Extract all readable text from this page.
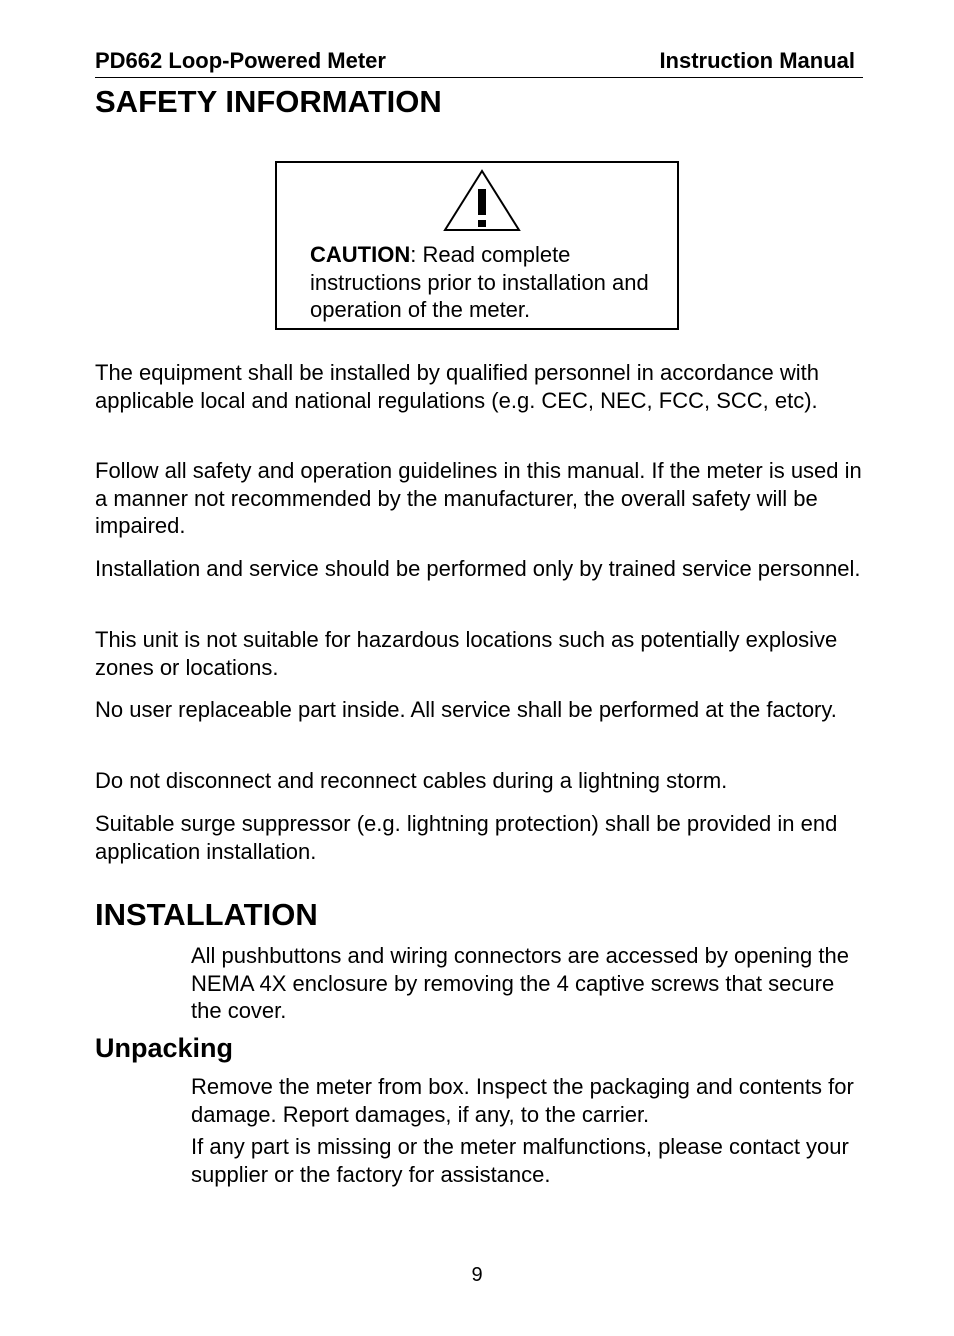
PD662 Loop-Powered Meter	Instruction Manual
SAFETY INFORMATION
CAUTION: Read complete instructions prior to installation and operation of the meter.

The equipment shall be installed by qualified personnel in accordance with applicable local and national regulations (e.g. CEC, NEC, FCC, SCC, etc).

Follow all safety and operation guidelines in this manual. If the meter is used in a manner not recommended by the manufacturer, the overall safety will be impaired.

Installation and service should be performed only by trained service personnel.

This unit is not suitable for hazardous locations such as potentially explosive zones or locations.

No user replaceable part inside. All service shall be performed at the factory.

Do not disconnect and reconnect cables during a lightning storm.

Suitable surge suppressor (e.g. lightning protection) shall be provided in end application installation.

INSTALLATION

All pushbuttons and wiring connectors are accessed by opening the NEMA 4X enclosure by removing the 4 captive screws that secure the cover.

Unpacking

Remove the meter from box. Inspect the packaging and contents for damage. Report damages, if any, to the carrier.

If any part is missing or the meter malfunctions, please contact your supplier or the factory for assistance.

9
